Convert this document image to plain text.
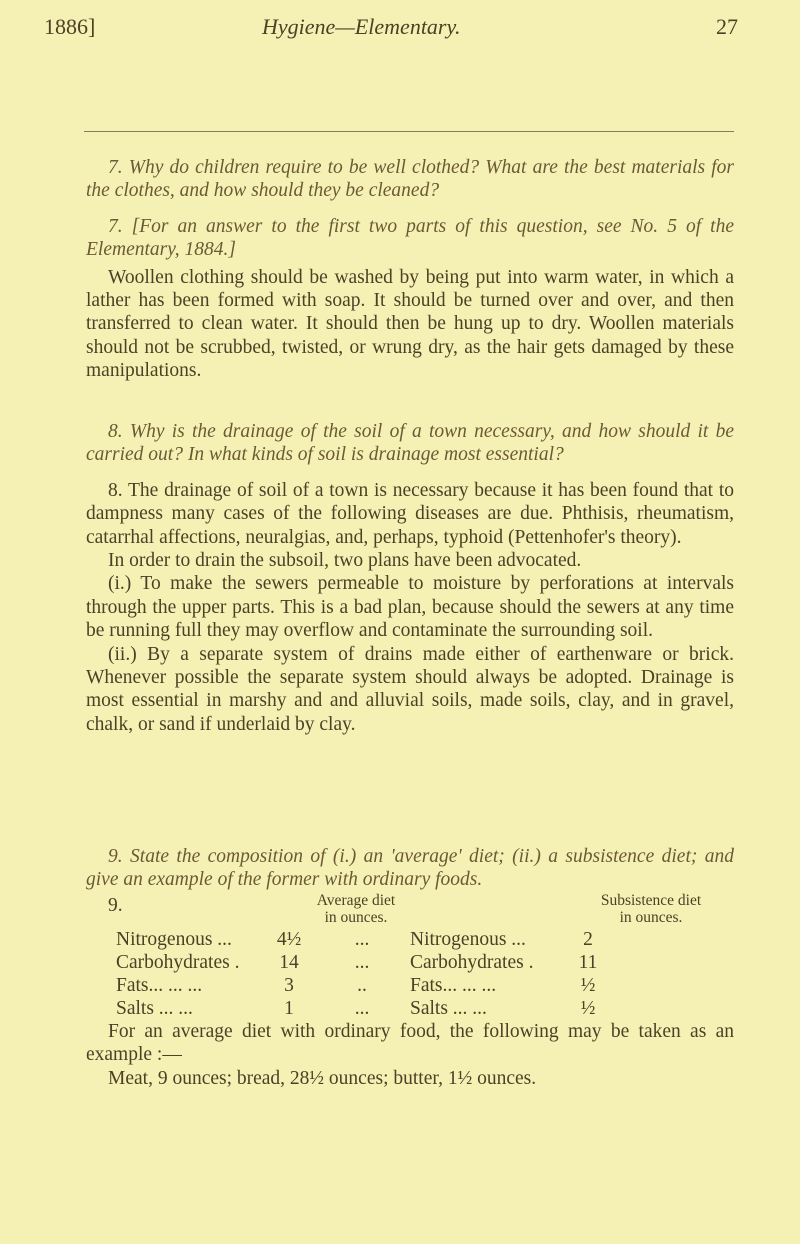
1886]	Hygiene—Elementary.	27

7. Why do children require to be well clothed? What are the best materials for the clothes, and how should they be cleaned?

7. [For an answer to the first two parts of this question, see No. 5 of the Elementary, 1884.]

Woollen clothing should be washed by being put into warm water, in which a lather has been formed with soap. It should be turned over and over, and then transferred to clean water. It should then be hung up to dry. Woollen materials should not be scrubbed, twisted, or wrung dry, as the hair gets damaged by these manipulations.

8. Why is the drainage of the soil of a town necessary, and how should it be carried out? In what kinds of soil is drainage most essential?

8. The drainage of soil of a town is necessary because it has been found that to dampness many cases of the following diseases are due. Phthisis, rheumatism, catarrhal affections, neuralgias, and, perhaps, typhoid (Pettenhofer's theory).

In order to drain the subsoil, two plans have been advocated.

(i.) To make the sewers permeable to moisture by perforations at intervals through the upper parts. This is a bad plan, because should the sewers at any time be running full they may overflow and contaminate the surrounding soil.

(ii.) By a separate system of drains made either of earthenware or brick. Whenever possible the separate system should always be adopted. Drainage is most essential in marshy and and alluvial soils, made soils, clay, and in gravel, chalk, or sand if underlaid by clay.

9. State the composition of (i.) an 'average' diet; (ii.) a subsistence diet; and give an example of the former with ordinary foods.

9.	Average diet
in ounces.
Subsistence diet
in ounces.
Nitrogenous ...	4½	...	Nitrogenous ...	2
Carbohydrates .	14	...	Carbohydrates .	11
Fats... ... ...	3	..	Fats... ... ...	½
Salts ... ...	1	...	Salts ... ...	½

For an average diet with ordinary food, the following may be taken as an example :—

Meat, 9 ounces; bread, 28½ ounces; butter, 1½ ounces.
